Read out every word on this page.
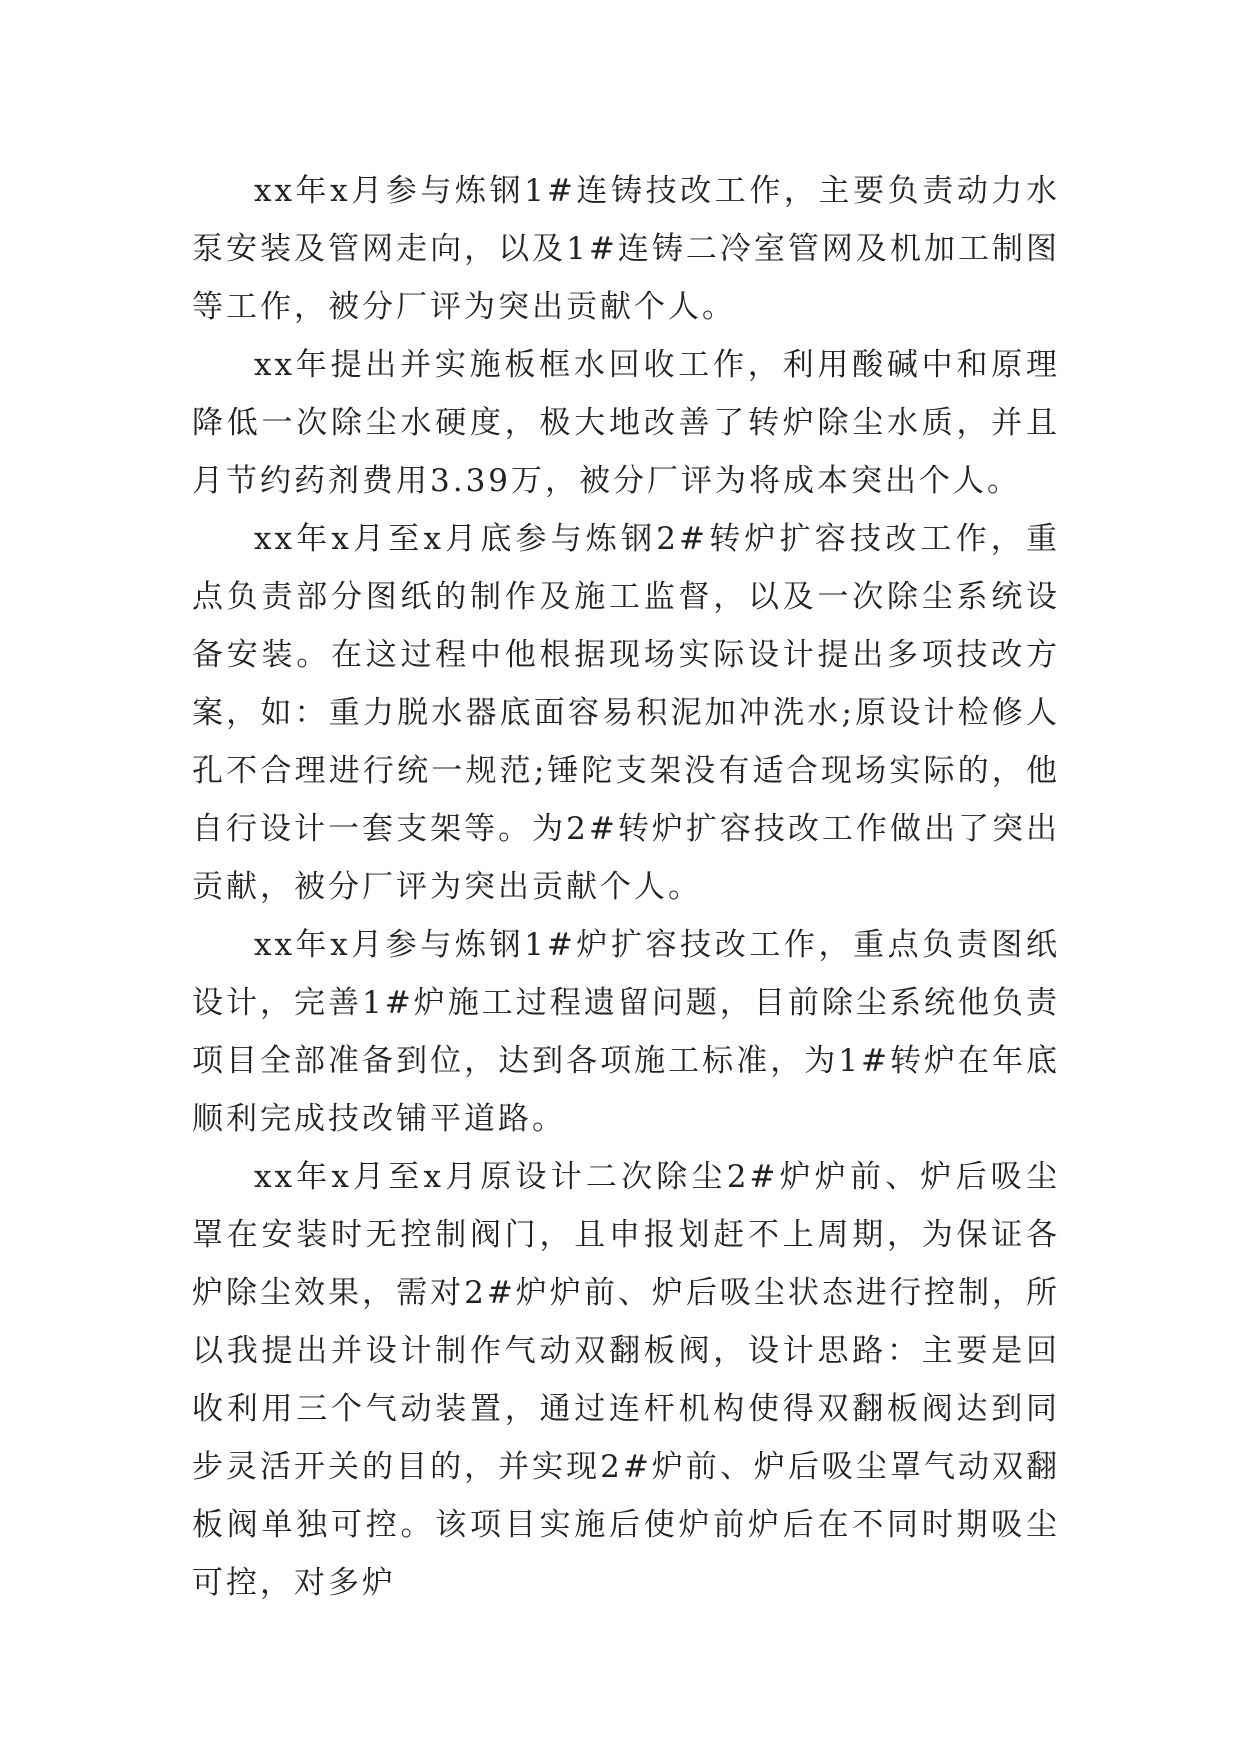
xx年x月参与炼钢1#连铸技改工作，主要负责动力水泵安装及管网走向，以及1#连铸二冷室管网及机加工制图等工作，被分厂评为突出贡献个人。

xx年提出并实施板框水回收工作，利用酸碱中和原理降低一次除尘水硬度，极大地改善了转炉除尘水质，并且月节约药剂费用3.39万，被分厂评为将成本突出个人。

xx年x月至x月底参与炼钢2#转炉扩容技改工作，重点负责部分图纸的制作及施工监督，以及一次除尘系统设备安装。在这过程中他根据现场实际设计提出多项技改方案，如：重力脱水器底面容易积泥加冲洗水;原设计检修人孔不合理进行统一规范;锤陀支架没有适合现场实际的，他自行设计一套支架等。为2#转炉扩容技改工作做出了突出贡献，被分厂评为突出贡献个人。

xx年x月参与炼钢1#炉扩容技改工作，重点负责图纸设计，完善1#炉施工过程遗留问题，目前除尘系统他负责项目全部准备到位，达到各项施工标准，为1#转炉在年底顺利完成技改铺平道路。

xx年x月至x月原设计二次除尘2#炉炉前、炉后吸尘罩在安装时无控制阀门，且申报划赶不上周期，为保证各炉除尘效果，需对2#炉炉前、炉后吸尘状态进行控制，所以我提出并设计制作气动双翻板阀，设计思路：主要是回收利用三个气动装置，通过连杆机构使得双翻板阀达到同步灵活开关的目的，并实现2#炉前、炉后吸尘罩气动双翻板阀单独可控。该项目实施后使炉前炉后在不同时期吸尘可控，对多炉
